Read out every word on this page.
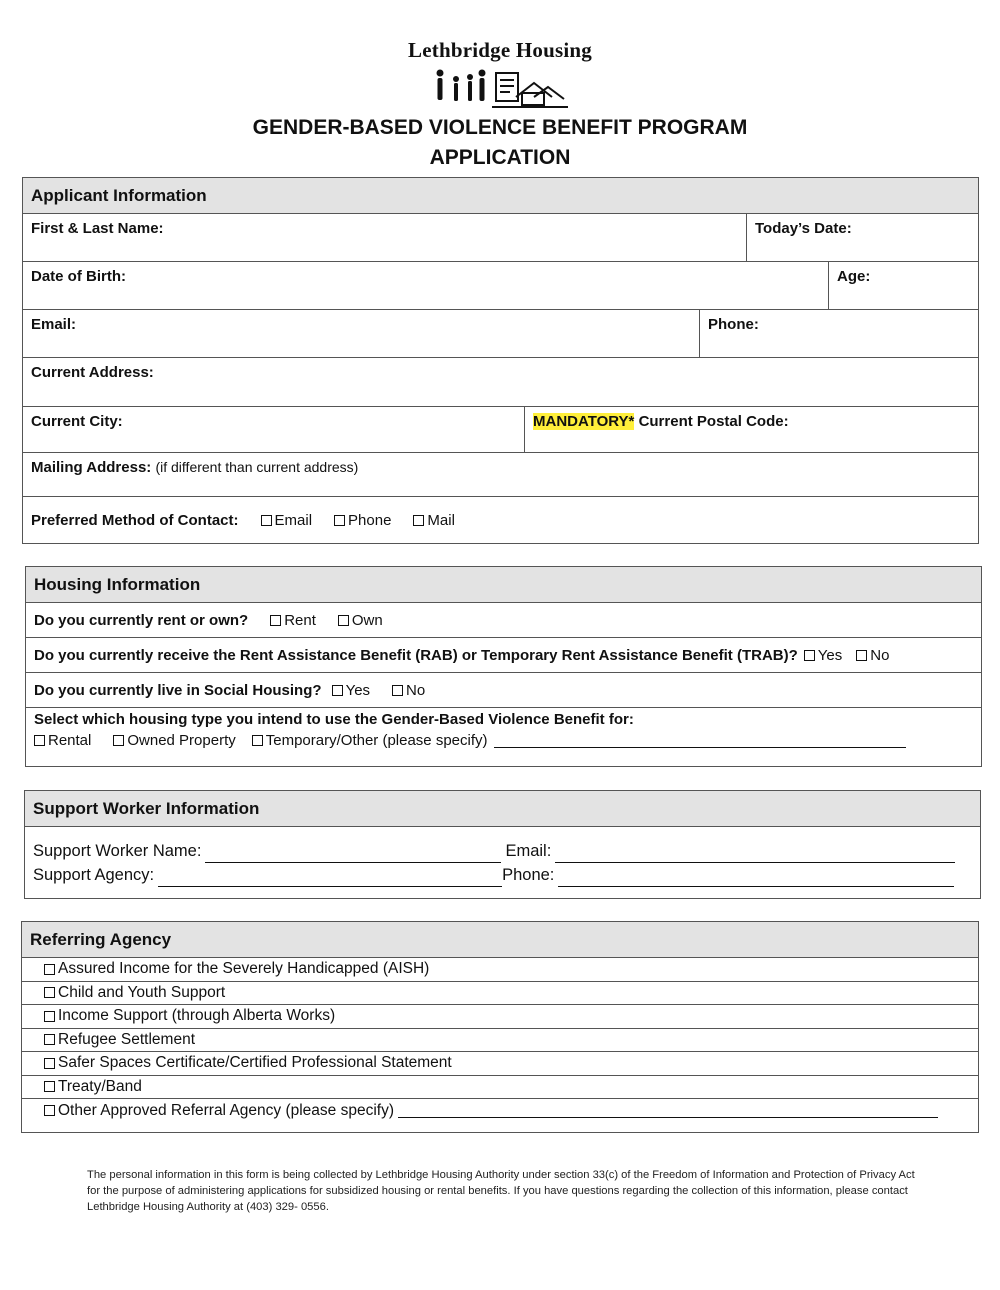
Lethbridge Housing
GENDER-BASED VIOLENCE BENEFIT PROGRAM
APPLICATION
Applicant Information
First & Last Name:	Today’s Date:
Date of Birth:	Age:
Email:	Phone:
Current Address:
Current City:	MANDATORY* Current Postal Code:
Mailing Address: (if different than current address)
Preferred Method of Contact: Email Phone Mail
Housing Information
Do you currently rent or own? Rent Own
Do you currently receive the Rent Assistance Benefit (RAB) or Temporary Rent Assistance Benefit (TRAB)? Yes No
Do you currently live in Social Housing? Yes No
Select which housing type you intend to use the Gender-Based Violence Benefit for:
Rental Owned Property Temporary/Other (please specify)
Support Worker Information
Support Worker Name:	Email:
Support Agency:	Phone:
Referring Agency
Assured Income for the Severely Handicapped (AISH)
Child and Youth Support
Income Support (through Alberta Works)
Refugee Settlement
Safer Spaces Certificate/Certified Professional Statement
Treaty/Band
Other Approved Referral Agency (please specify)
The personal information in this form is being collected by Lethbridge Housing Authority under section 33(c) of the Freedom of Information and Protection of Privacy Act for the purpose of administering applications for subsidized housing or rental benefits. If you have questions regarding the collection of this information, please contact Lethbridge Housing Authority at (403) 329- 0556.
